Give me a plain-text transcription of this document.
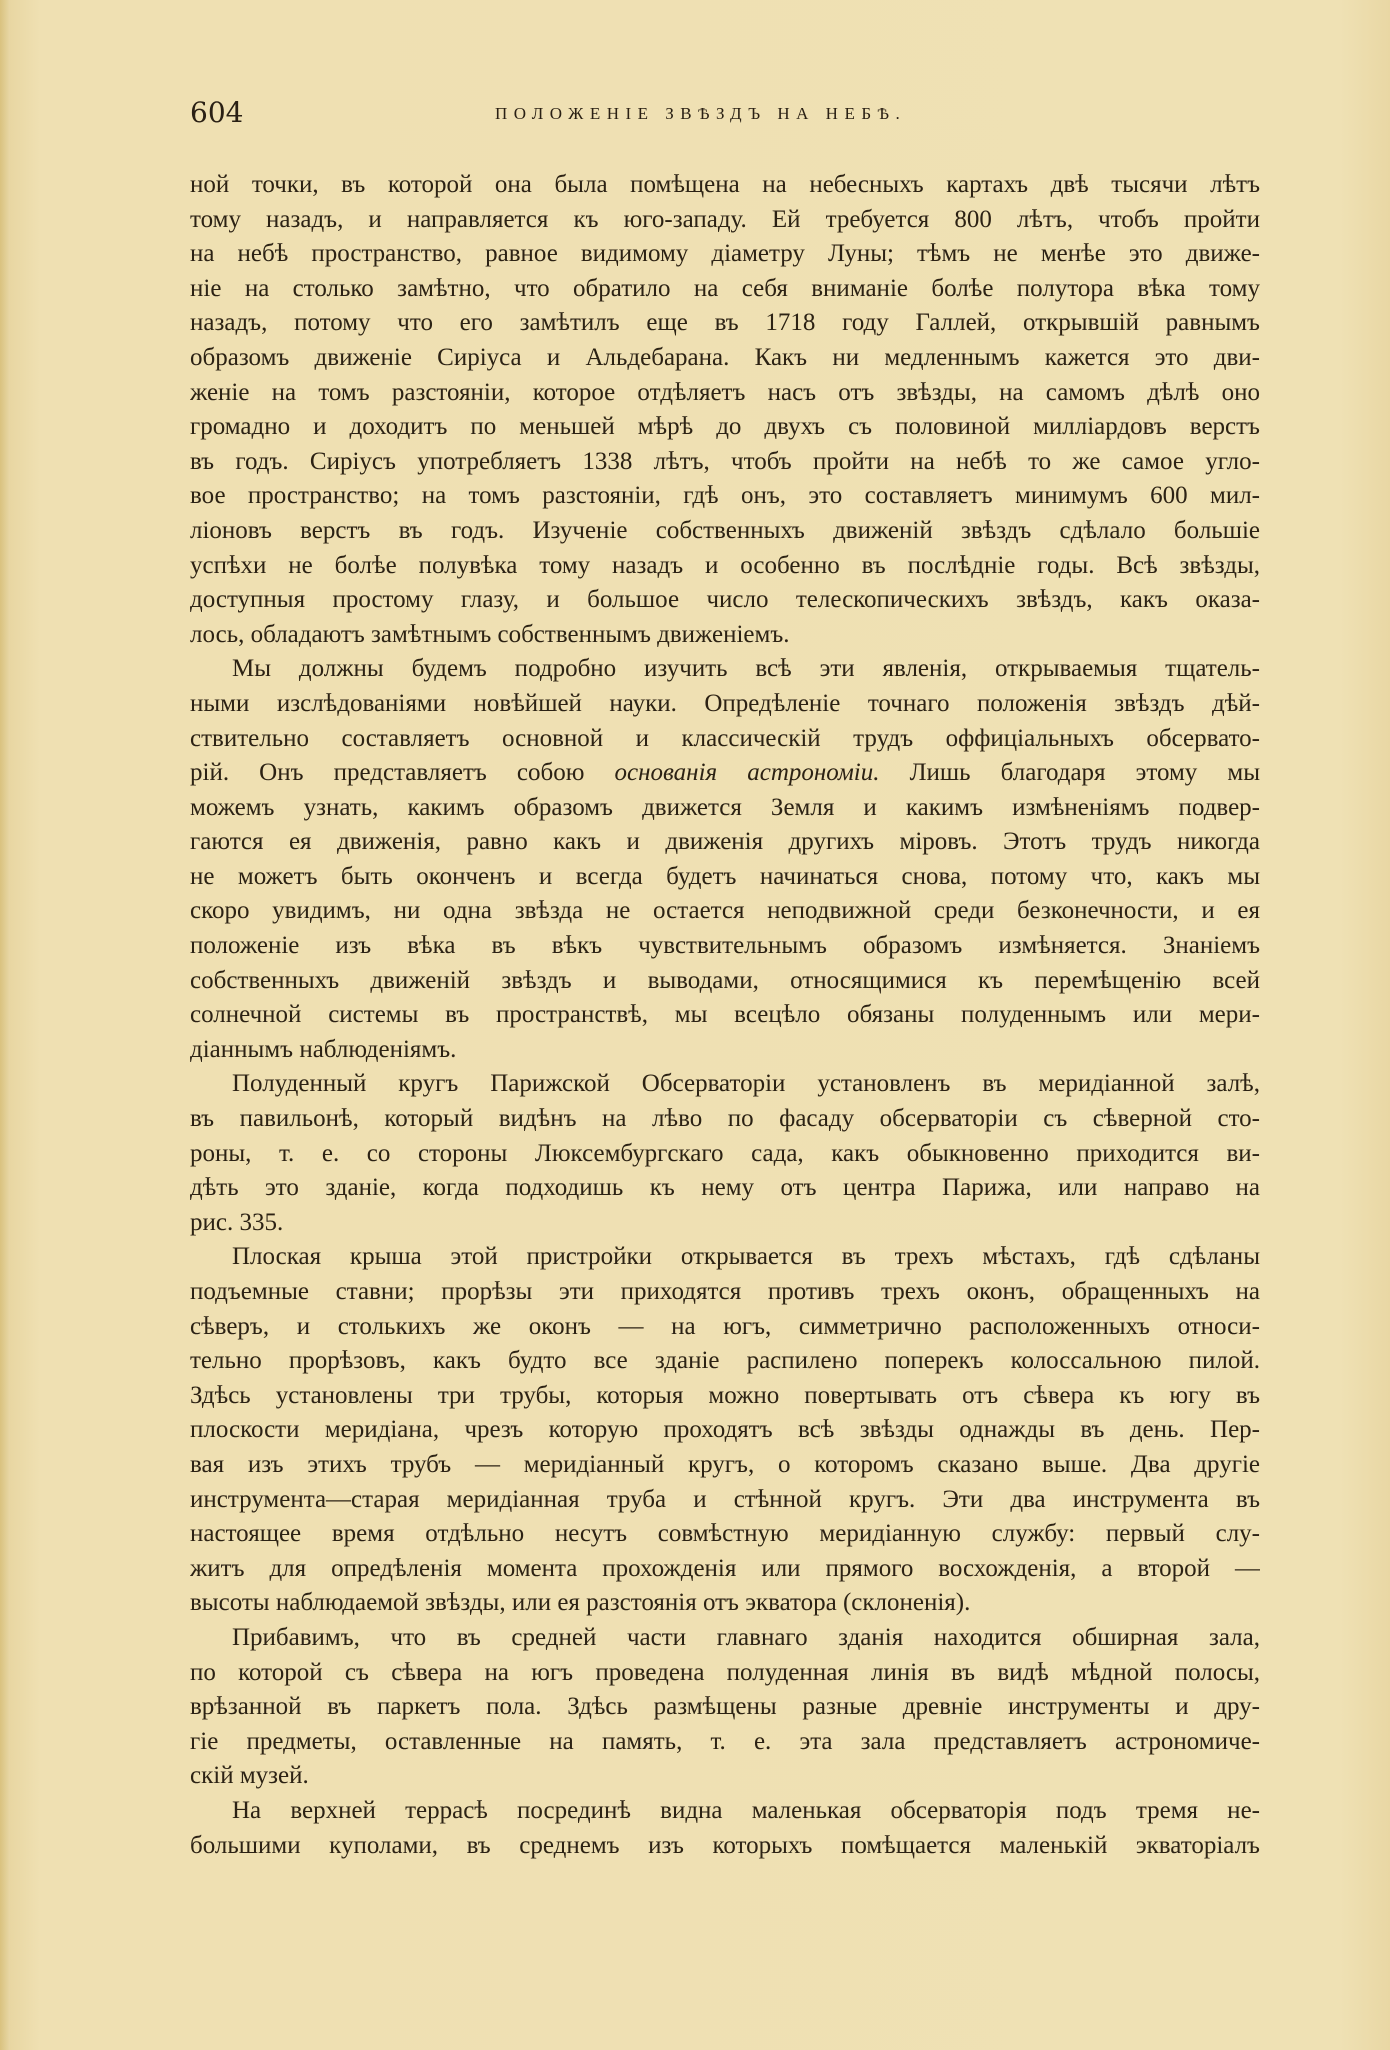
604	ПОЛОЖЕНІЕ ЗВѢЗДЪ НА НЕБѢ.
ной точки, въ которой она была помѣщена на небесныхъ картахъ двѣ тысячи лѣтъ
тому назадъ, и направляется къ юго-западу. Ей требуется 800 лѣтъ, чтобъ пройти
на небѣ пространство, равное видимому діаметру Луны; тѣмъ не менѣе это движе-
ніе на столько замѣтно, что обратило на себя вниманіе болѣе полутора вѣка тому
назадъ, потому что его замѣтилъ еще въ 1718 году Галлей, открывшій равнымъ
образомъ движеніе Сиріуса и Альдебарана. Какъ ни медленнымъ кажется это дви-
женіе на томъ разстояніи, которое отдѣляетъ насъ отъ звѣзды, на самомъ дѣлѣ оно
громадно и доходитъ по меньшей мѣрѣ до двухъ съ половиной милліардовъ верстъ
въ годъ. Сиріусъ употребляетъ 1338 лѣтъ, чтобъ пройти на небѣ то же самое угло-
вое пространство; на томъ разстояніи, гдѣ онъ, это составляетъ минимумъ 600 мил-
ліоновъ верстъ въ годъ. Изученіе собственныхъ движеній звѣздъ сдѣлало большіе
успѣхи не болѣе полувѣка тому назадъ и особенно въ послѣдніе годы. Всѣ звѣзды,
доступныя простому глазу, и большое число телескопическихъ звѣздъ, какъ оказа-
лось, обладаютъ замѣтнымъ собственнымъ движеніемъ.
Мы должны будемъ подробно изучить всѣ эти явленія, открываемыя тщатель-
ными изслѣдованіями новѣйшей науки. Опредѣленіе точнаго положенія звѣздъ дѣй-
ствительно составляетъ основной и классическій трудъ оффиціальныхъ обсервато-
рій. Онъ представляетъ собою основанія астрономіи. Лишь благодаря этому мы
можемъ узнать, какимъ образомъ движется Земля и какимъ измѣненіямъ подвер-
гаются ея движенія, равно какъ и движенія другихъ міровъ. Этотъ трудъ никогда
не можетъ быть оконченъ и всегда будетъ начинаться снова, потому что, какъ мы
скоро увидимъ, ни одна звѣзда не остается неподвижной среди безконечности, и ея
положеніе изъ вѣка въ вѣкъ чувствительнымъ образомъ измѣняется. Знаніемъ
собственныхъ движеній звѣздъ и выводами, относящимися къ перемѣщенію всей
солнечной системы въ пространствѣ, мы всецѣло обязаны полуденнымъ или мери-
діаннымъ наблюденіямъ.
Полуденный кругъ Парижской Обсерваторіи установленъ въ меридіанной залѣ,
въ павильонѣ, который видѣнъ на лѣво по фасаду обсерваторіи съ сѣверной сто-
роны, т. е. со стороны Люксембургскаго сада, какъ обыкновенно приходится ви-
дѣть это зданіе, когда подходишь къ нему отъ центра Парижа, или направо на
рис. 335.
Плоская крыша этой пристройки открывается въ трехъ мѣстахъ, гдѣ сдѣланы
подъемные ставни; прорѣзы эти приходятся противъ трехъ оконъ, обращенныхъ на
сѣверъ, и столькихъ же оконъ — на югъ, симметрично расположенныхъ относи-
тельно прорѣзовъ, какъ будто все зданіе распилено поперекъ колоссальною пилой.
Здѣсь установлены три трубы, которыя можно повертывать отъ сѣвера къ югу въ
плоскости меридіана, чрезъ которую проходятъ всѣ звѣзды однажды въ день. Пер-
вая изъ этихъ трубъ — меридіанный кругъ, о которомъ сказано выше. Два другіе
инструмента—старая меридіанная труба и стѣнной кругъ. Эти два инструмента въ
настоящее время отдѣльно несутъ совмѣстную меридіанную службу: первый слу-
житъ для опредѣленія момента прохожденія или прямого восхожденія, а второй —
высоты наблюдаемой звѣзды, или ея разстоянія отъ экватора (склоненія).
Прибавимъ, что въ средней части главнаго зданія находится обширная зала,
по которой съ сѣвера на югъ проведена полуденная линія въ видѣ мѣдной полосы,
врѣзанной въ паркетъ пола. Здѣсь размѣщены разные древніе инструменты и дру-
гіе предметы, оставленные на память, т. е. эта зала представляетъ астрономиче-
скій музей.
На верхней террасѣ посрединѣ видна маленькая обсерваторія подъ тремя не-
большими куполами, въ среднемъ изъ которыхъ помѣщается маленькій экваторіалъ
